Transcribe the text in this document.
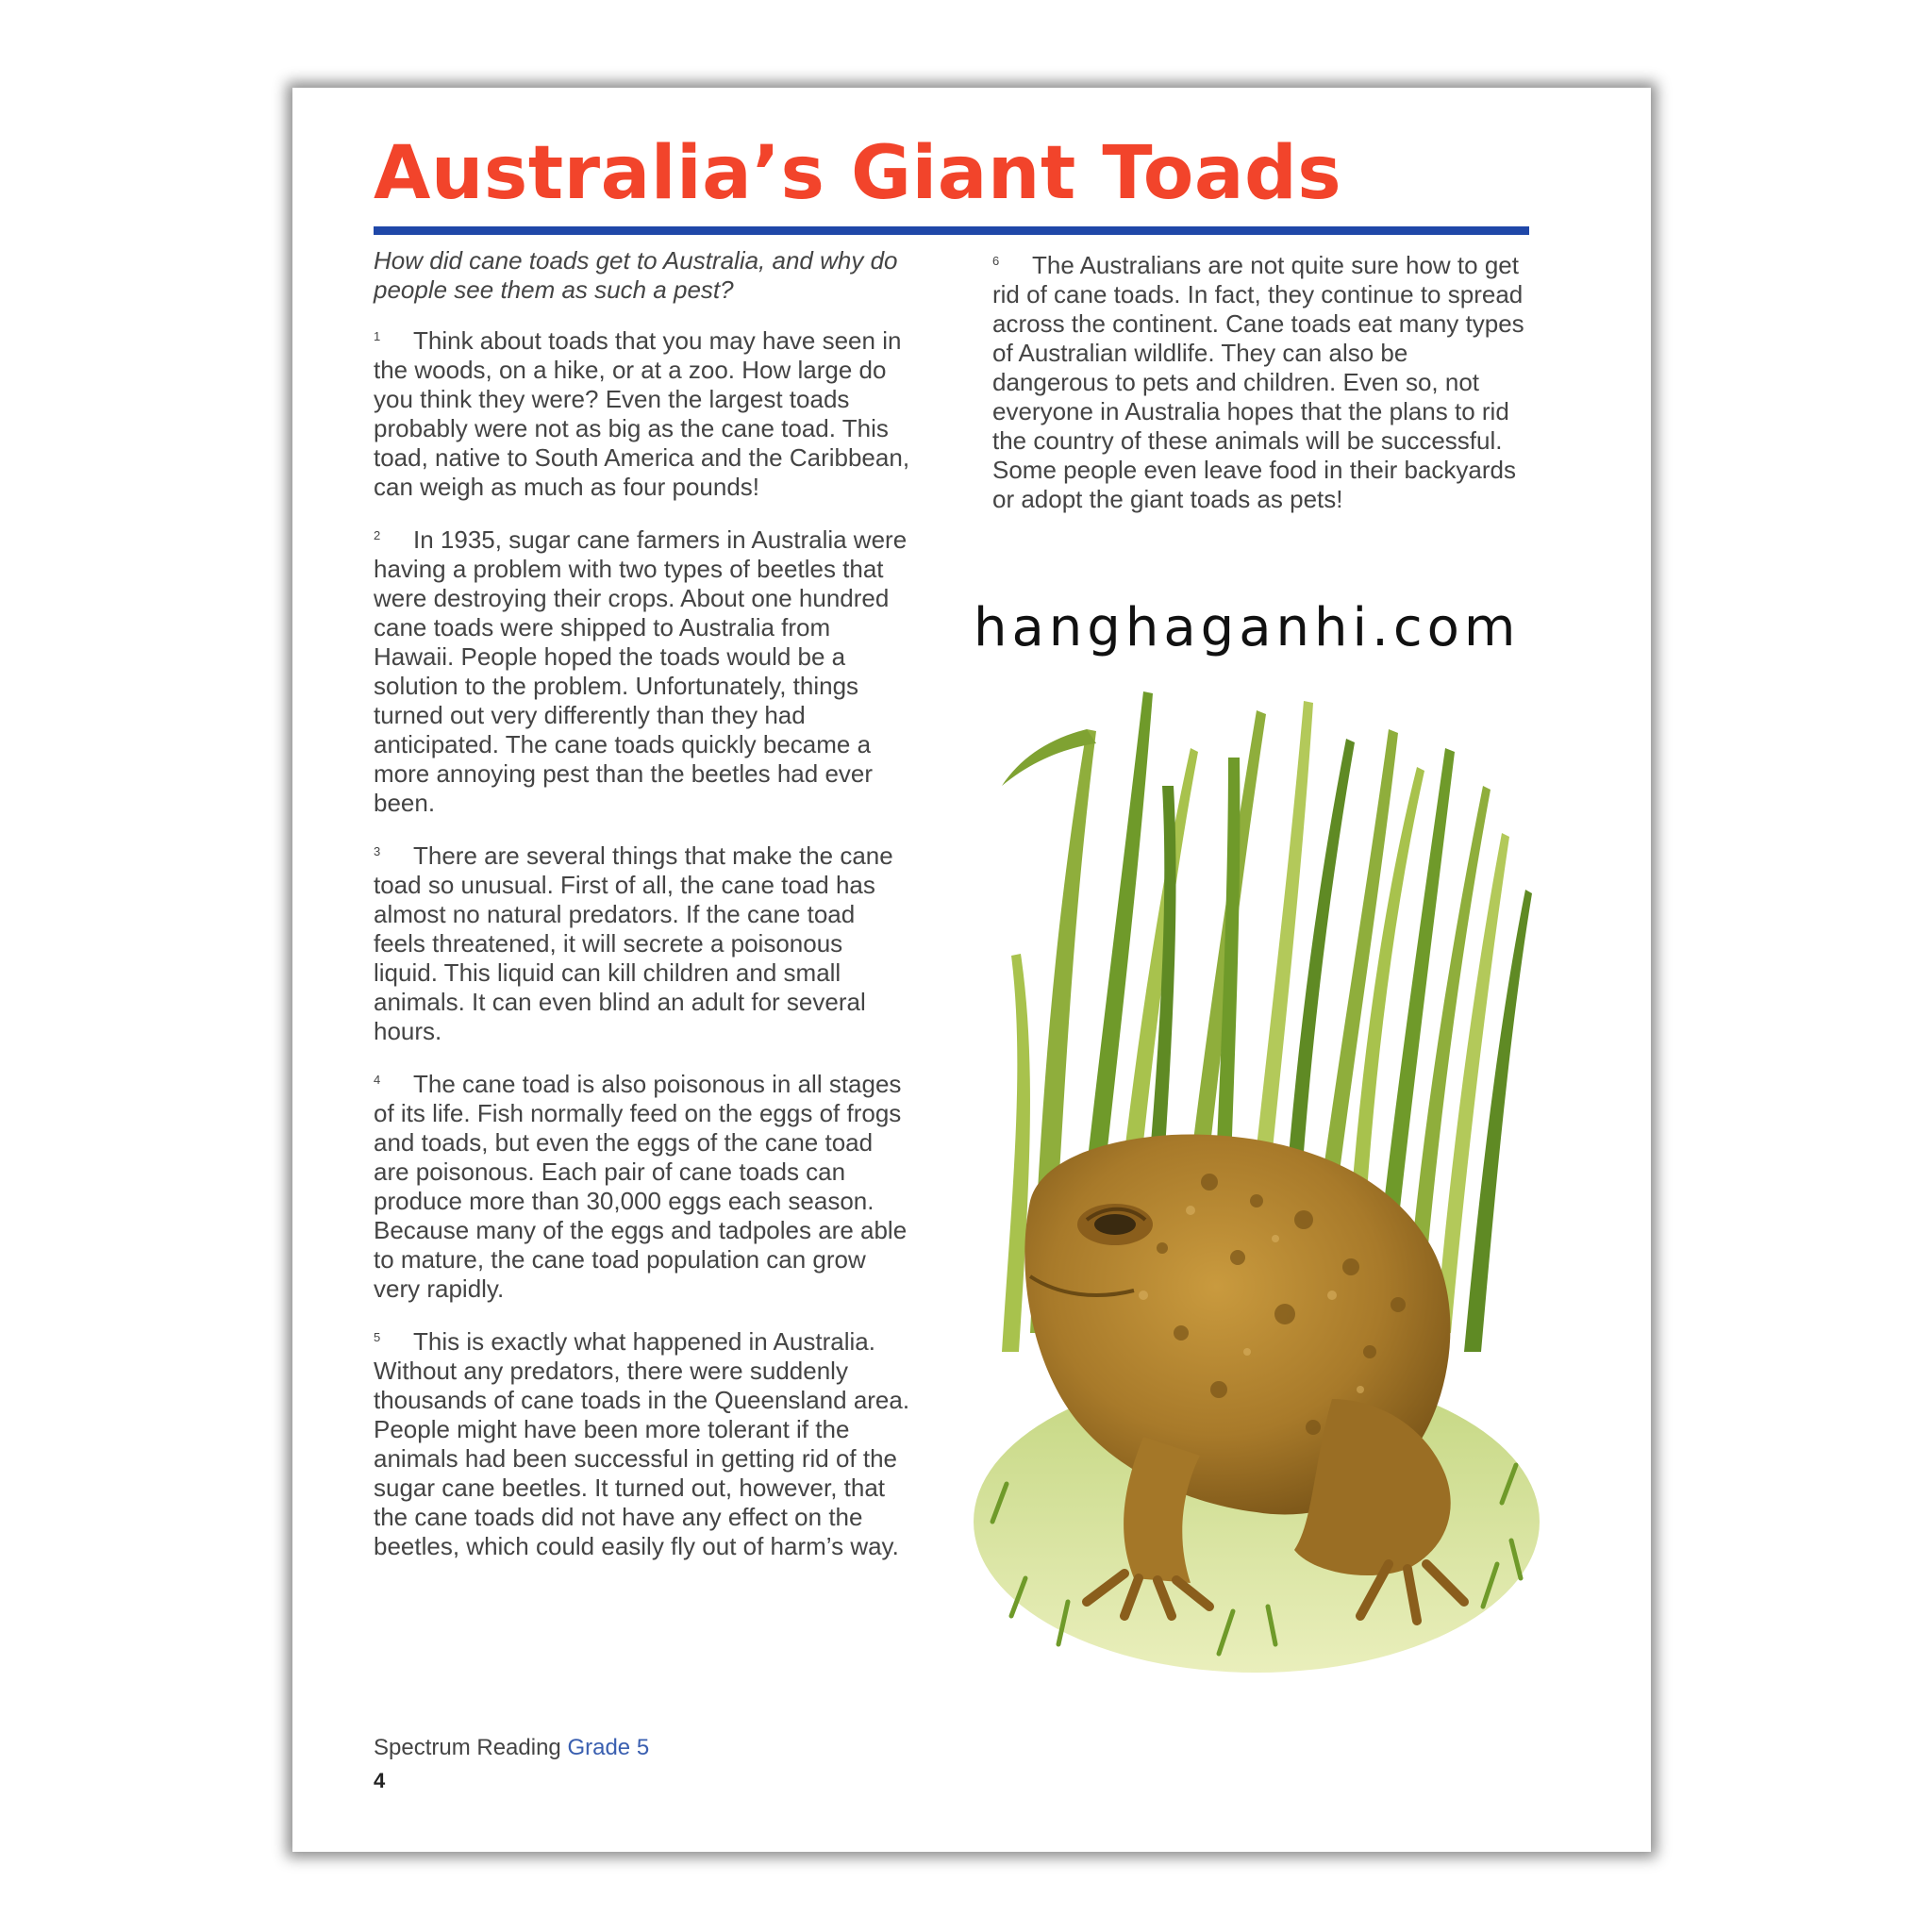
Australia’s Giant Toads

How did cane toads get to Australia, and why do people see them as such a pest?

1 Think about toads that you may have seen in the woods, on a hike, or at a zoo. How large do you think they were? Even the largest toads probably were not as big as the cane toad. This toad, native to South America and the Caribbean, can weigh as much as four pounds!

2 In 1935, sugar cane farmers in Australia were having a problem with two types of beetles that were destroying their crops. About one hundred cane toads were shipped to Australia from Hawaii. People hoped the toads would be a solution to the problem. Unfortunately, things turned out very differently than they had anticipated. The cane toads quickly became a more annoying pest than the beetles had ever been.

3 There are several things that make the cane toad so unusual. First of all, the cane toad has almost no natural predators. If the cane toad feels threatened, it will secrete a poisonous liquid. This liquid can kill children and small animals. It can even blind an adult for several hours.

4 The cane toad is also poisonous in all stages of its life. Fish normally feed on the eggs of frogs and toads, but even the eggs of the cane toad are poisonous. Each pair of cane toads can produce more than 30,000 eggs each season. Because many of the eggs and tadpoles are able to mature, the cane toad population can grow very rapidly.

5 This is exactly what happened in Australia. Without any predators, there were suddenly thousands of cane toads in the Queensland area. People might have been more tolerant if the animals had been successful in getting rid of the sugar cane beetles. It turned out, however, that the cane toads did not have any effect on the beetles, which could easily fly out of harm’s way.

6 The Australians are not quite sure how to get rid of cane toads. In fact, they continue to spread across the continent. Cane toads eat many types of Australian wildlife. They can also be dangerous to pets and children. Even so, not everyone in Australia hopes that the plans to rid the country of these animals will be successful. Some people even leave food in their backyards or adopt the giant toads as pets!

hanghaganhi.com
Spectrum Reading Grade 5
4
